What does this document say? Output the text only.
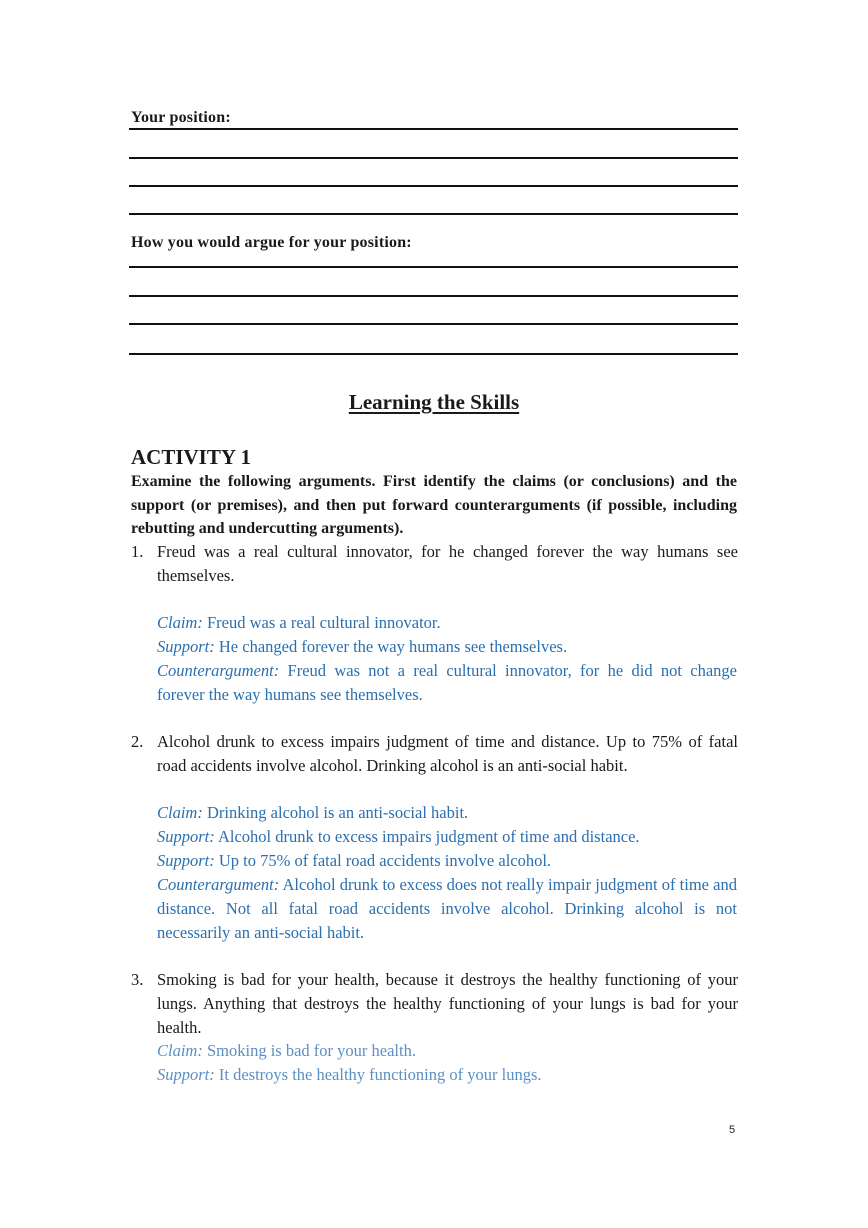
Your position:
How you would argue for your position:
Learning the Skills
ACTIVITY 1
Examine the following arguments. First identify the claims (or conclusions) and the support (or premises), and then put forward counterarguments (if possible, including rebutting and undercutting arguments).
1. Freud was a real cultural innovator, for he changed forever the way humans see themselves.
Claim: Freud was a real cultural innovator.
Support: He changed forever the way humans see themselves.
Counterargument: Freud was not a real cultural innovator, for he did not change forever the way humans see themselves.
2. Alcohol drunk to excess impairs judgment of time and distance. Up to 75% of fatal road accidents involve alcohol. Drinking alcohol is an anti-social habit.
Claim: Drinking alcohol is an anti-social habit.
Support: Alcohol drunk to excess impairs judgment of time and distance.
Support: Up to 75% of fatal road accidents involve alcohol.
Counterargument: Alcohol drunk to excess does not really impair judgment of time and distance. Not all fatal road accidents involve alcohol. Drinking alcohol is not necessarily an anti-social habit.
3. Smoking is bad for your health, because it destroys the healthy functioning of your lungs. Anything that destroys the healthy functioning of your lungs is bad for your health.
Claim: Smoking is bad for your health.
Support: It destroys the healthy functioning of your lungs.
5
